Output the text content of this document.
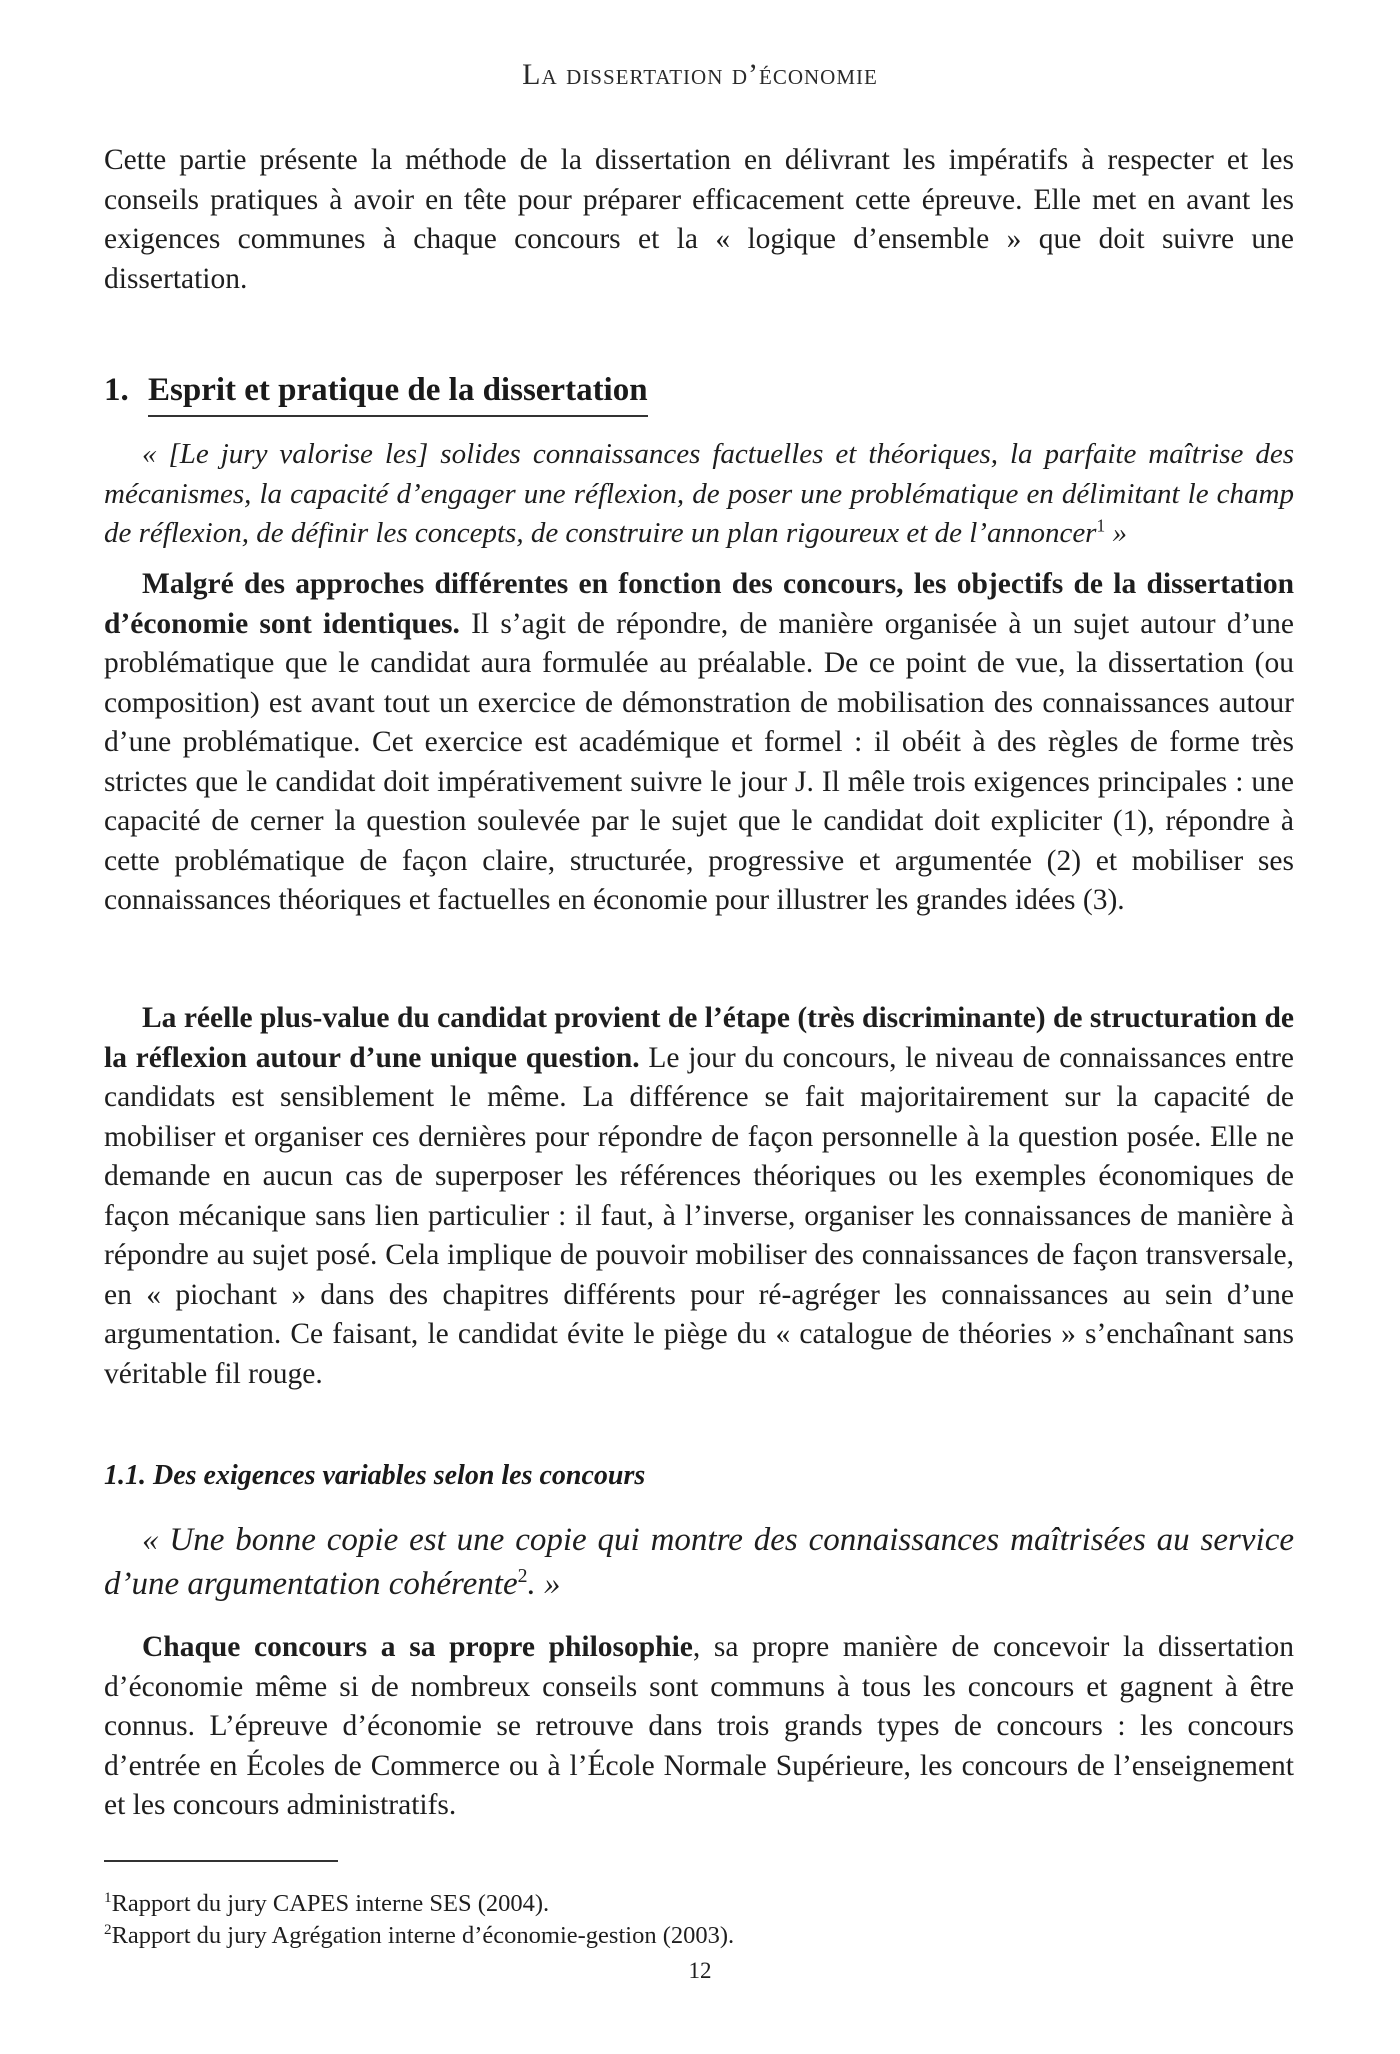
La dissertation d’économie

Cette partie présente la méthode de la dissertation en délivrant les impératifs à respecter et les conseils pratiques à avoir en tête pour préparer efficacement cette épreuve. Elle met en avant les exigences communes à chaque concours et la « logique d’ensemble » que doit suivre une dissertation.

1. Esprit et pratique de la dissertation

« [Le jury valorise les] solides connaissances factuelles et théoriques, la parfaite maîtrise des mécanismes, la capacité d’engager une réflexion, de poser une problématique en délimitant le champ de réflexion, de définir les concepts, de construire un plan rigoureux et de l’annoncer$^1$ »

Malgré des approches différentes en fonction des concours, les objectifs de la dissertation d’économie sont identiques. Il s’agit de répondre, de manière organisée à un sujet autour d’une problématique que le candidat aura formulée au préalable. De ce point de vue, la dissertation (ou composition) est avant tout un exercice de démonstration de mobilisation des connaissances autour d’une problématique. Cet exercice est académique et formel : il obéit à des règles de forme très strictes que le candidat doit impérativement suivre le jour J. Il mêle trois exigences principales : une capacité de cerner la question soulevée par le sujet que le candidat doit expliciter (1), répondre à cette problématique de façon claire, structurée, progressive et argumentée (2) et mobiliser ses connaissances théoriques et factuelles en économie pour illustrer les grandes idées (3).

La réelle plus-value du candidat provient de l’étape (très discriminante) de structuration de la réflexion autour d’une unique question. Le jour du concours, le niveau de connaissances entre candidats est sensiblement le même. La différence se fait majoritairement sur la capacité de mobiliser et organiser ces dernières pour répondre de façon personnelle à la question posée. Elle ne demande en aucun cas de superposer les références théoriques ou les exemples économiques de façon mécanique sans lien particulier : il faut, à l’inverse, organiser les connaissances de manière à répondre au sujet posé. Cela implique de pouvoir mobiliser des connaissances de façon transversale, en « piochant » dans des chapitres différents pour ré-agréger les connaissances au sein d’une argumentation. Ce faisant, le candidat évite le piège du « catalogue de théories » s’enchaînant sans véritable fil rouge.

1.1. Des exigences variables selon les concours

« Une bonne copie est une copie qui montre des connaissances maîtrisées au service d’une argumentation cohérente$^2$. »

Chaque concours a sa propre philosophie, sa propre manière de concevoir la dissertation d’économie même si de nombreux conseils sont communs à tous les concours et gagnent à être connus. L’épreuve d’économie se retrouve dans trois grands types de concours : les concours d’entrée en Écoles de Commerce ou à l’École Normale Supérieure, les concours de l’enseignement et les concours administratifs.

$^1$Rapport du jury CAPES interne SES (2004).
$^2$Rapport du jury Agrégation interne d’économie-gestion (2003).
12
